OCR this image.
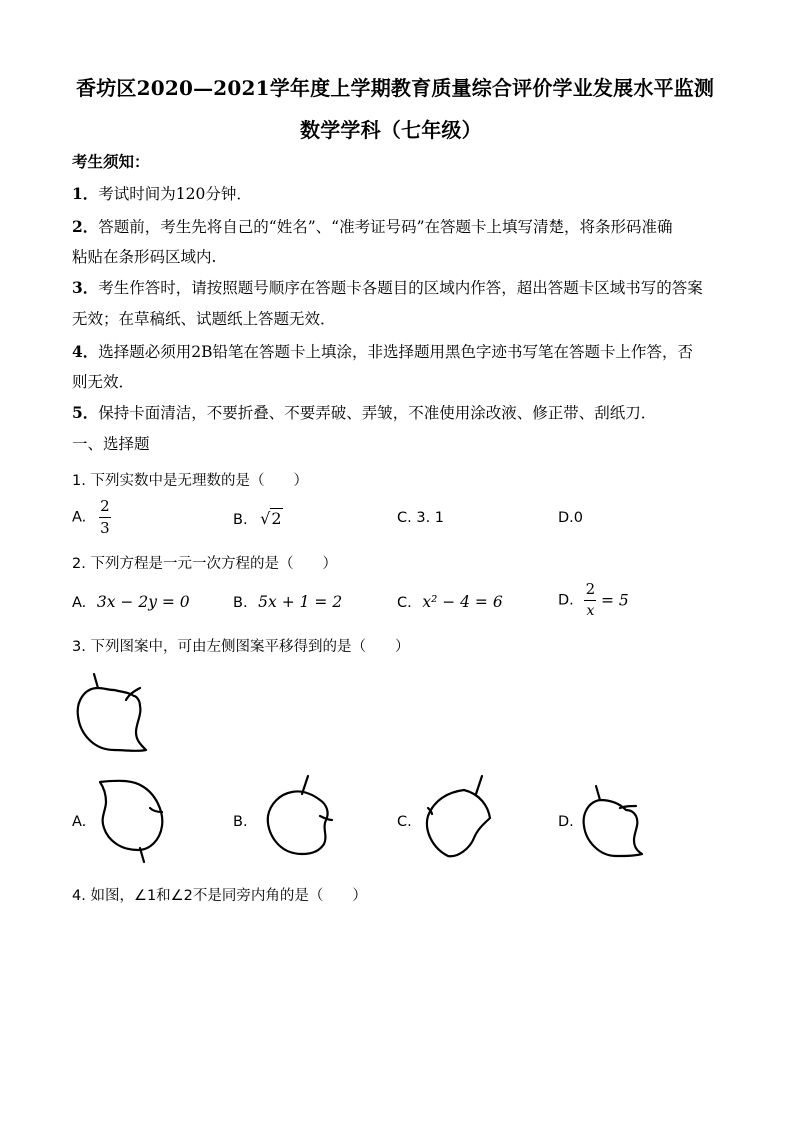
香坊区2020—2021学年度上学期教育质量综合评价学业发展水平监测
数学学科（七年级）
考生须知：
1．考试时间为120分钟．
2．答题前，考生先将自己的“姓名”、“准考证号码”在答题卡上填写清楚，将条形码准确
粘贴在条形码区域内.
3．考生作答时，请按照题号顺序在答题卡各题目的区域内作答，超出答题卡区域书写的答案
无效；在草稿纸、试题纸上答题无效．
4．选择题必须用2B铅笔在答题卡上填涂，非选择题用黑色字迹书写笔在答题卡上作答，否
则无效．
5．保持卡面清洁，不要折叠、不要弄破、弄皱，不准使用涂改液、修正带、刮纸刀．
一、选择题
1. 下列实数中是无理数的是（　　）
A. $\frac{2}{3}$	B. √2	C. 3. 1	D.0
2. 下列方程是一元一次方程的是（　　）
A. 3x − 2y = 0	B. 5x + 1 = 2	C. x² − 4 = 6	D. $\frac{2}{x} = 5$
3. 下列图案中，可由左侧图案平移得到的是（　　）
A.	B.	C.	D.
4. 如图，∠1和∠2不是同旁内角的是（　　）
